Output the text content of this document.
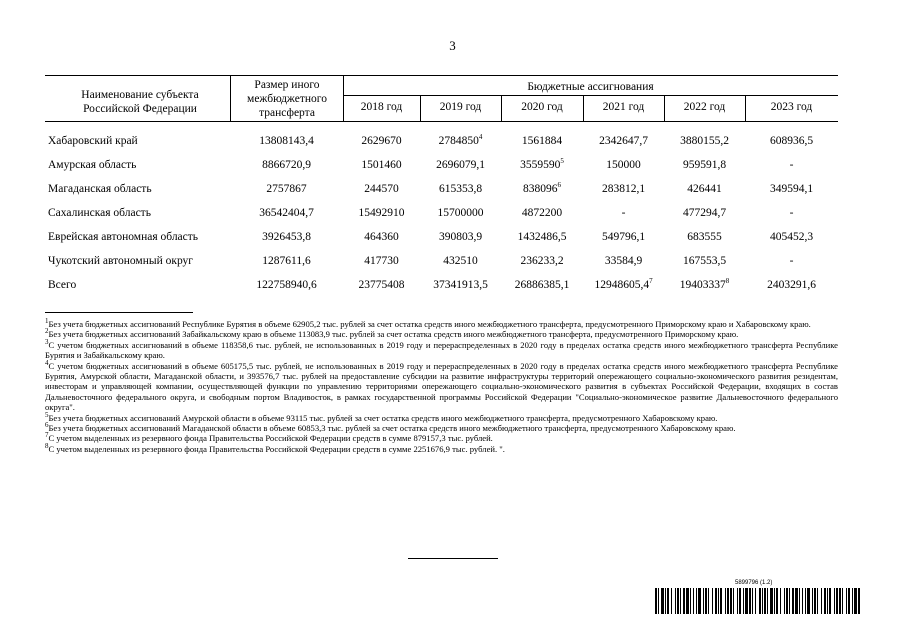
3
Наименование субъекта Российской Федерации
Размер иного межбюджетного трансферта
Бюджетные ассигнования
2018 год	2019 год	2020 год	2021 год	2022 год	2023 год
Хабаровский край	13808143,4	2629670	2784850$^4$	1561884	2342647,7	3880155,2	608936,5
Амурская область	8866720,9	1501460	2696079,1	3559590$^5$	150000	959591,8	-
Магаданская область	2757867	244570	615353,8	838096$^6$	283812,1	426441	349594,1
Сахалинская область	36542404,7	15492910	15700000	4872200	-	477294,7	-
Еврейская автономная область	3926453,8	464360	390803,9	1432486,5	549796,1	683555	405452,3
Чукотский автономный округ	1287611,6	417730	432510	236233,2	33584,9	167553,5	-
Всего	122758940,6	23775408	37341913,5	26886385,1	12948605,4$^7$	19403337$^8$	2403291,6

$^1$Без учета бюджетных ассигнований Республике Бурятия в объеме 62905,2 тыс. рублей за счет остатка средств иного межбюджетного трансферта, предусмотренного Приморскому краю и Хабаровскому краю.

$^2$Без учета бюджетных ассигнований Забайкальскому краю в объеме 113083,9 тыс. рублей за счет остатка средств иного межбюджетного трансферта, предусмотренного Приморскому краю.

$^3$С учетом бюджетных ассигнований в объеме 118358,6 тыс. рублей, не использованных в 2019 году и перераспределенных в 2020 году в пределах остатка средств иного межбюджетного трансферта Республике Бурятия и Забайкальскому краю.

$^4$С учетом бюджетных ассигнований в объеме 605175,5 тыс. рублей, не использованных в 2019 году и перераспределенных в 2020 году в пределах остатка средств иного межбюджетного трансферта Республике Бурятия, Амурской области, Магаданской области, и 393576,7 тыс. рублей на предоставление субсидии на развитие инфраструктуры территорий опережающего социально-экономического развития резидентам, инвесторам и управляющей компании, осуществляющей функции по управлению территориями опережающего социально-экономического развития в субъектах Российской Федерации, входящих в состав Дальневосточного федерального округа, и свободным портом Владивосток, в рамках государственной программы Российской Федерации "Социально-экономическое развитие Дальневосточного федерального округа".

$^5$Без учета бюджетных ассигнований Амурской области в объеме 93115 тыс. рублей за счет остатка средств иного межбюджетного трансферта, предусмотренного Хабаровскому краю.

$^6$Без учета бюджетных ассигнований Магаданской области в объеме 60853,3 тыс. рублей за счет остатка средств иного межбюджетного трансферта, предусмотренного Хабаровскому краю.

$^7$С учетом выделенных из резервного фонда Правительства Российской Федерации средств в сумме 879157,3 тыс. рублей.

$^8$С учетом выделенных из резервного фонда Правительства Российской Федерации средств в сумме 2251676,9 тыс. рублей. ".

5899796 (1.2)
